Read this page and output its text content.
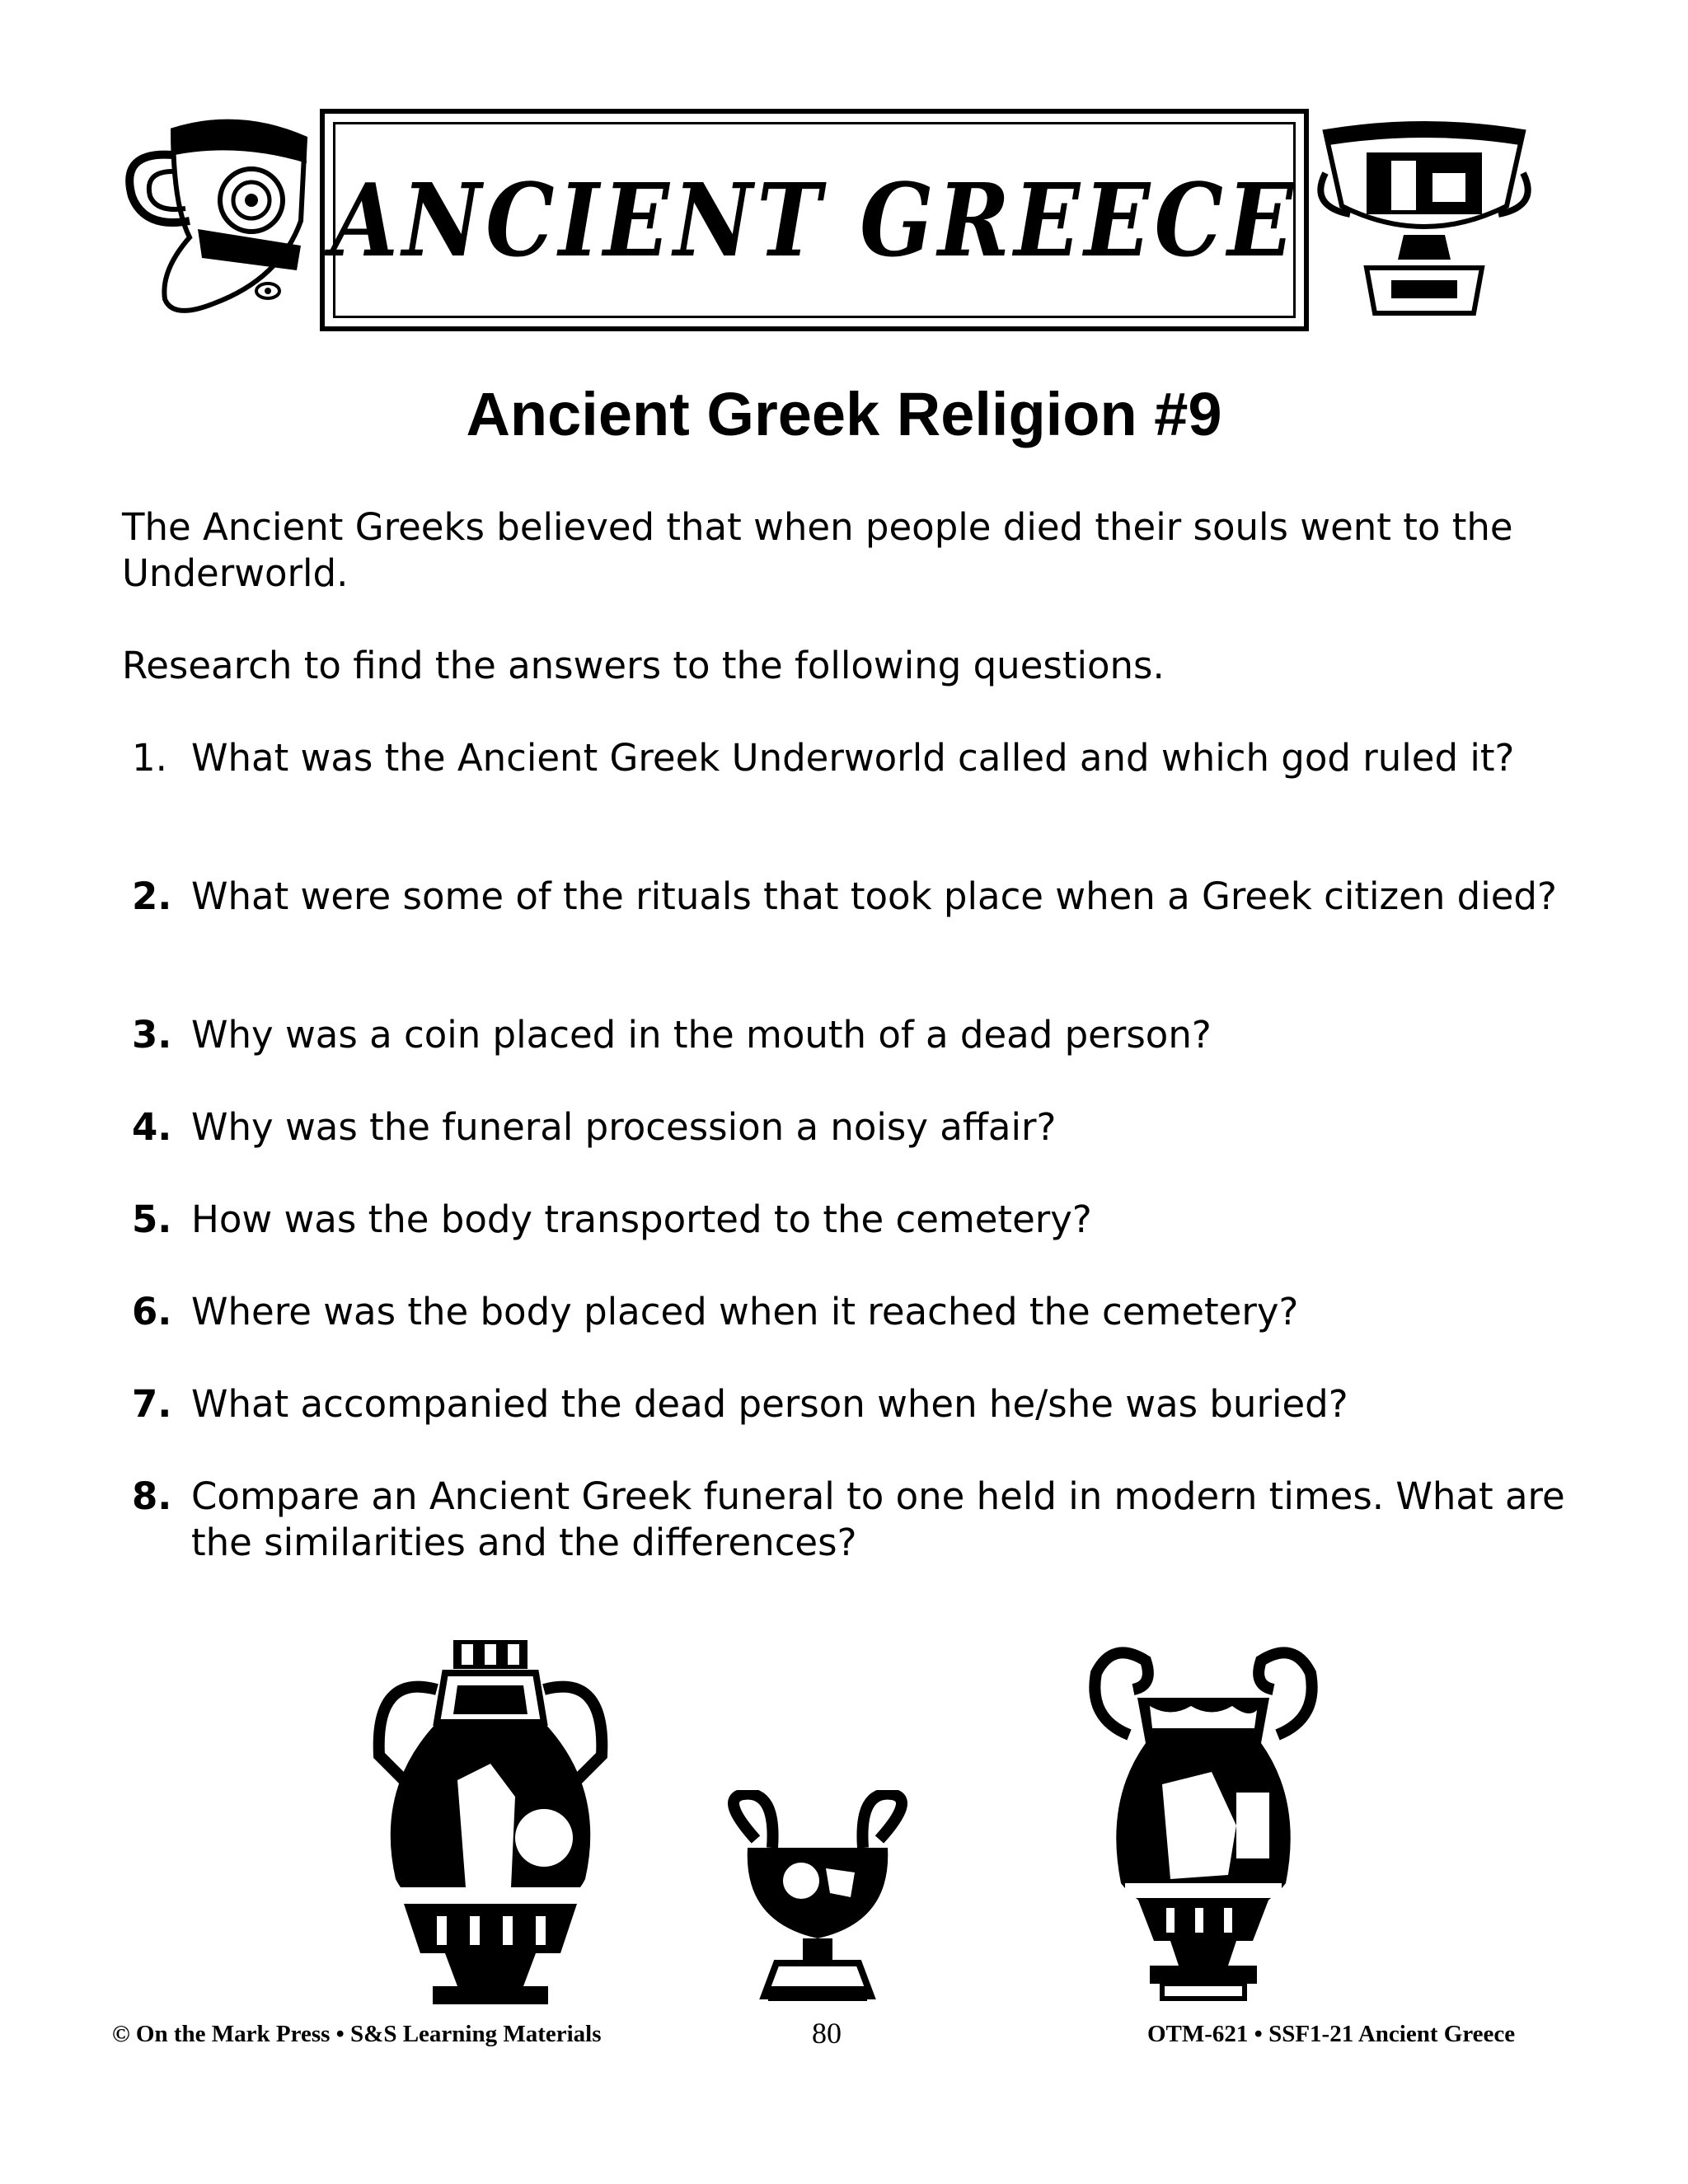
ANCIENT GREECE
Ancient Greek Religion #9
The Ancient Greeks believed that when people died their souls went to the Underworld.
Research to find the answers to the following questions.
1. What was the Ancient Greek Underworld called and which god ruled it?
2. What were some of the rituals that took place when a Greek citizen died?
3. Why was a coin placed in the mouth of a dead person?
4. Why was the funeral procession a noisy affair?
5. How was the body transported to the cemetery?
6. Where was the body placed when it reached the cemetery?
7. What accompanied the dead person when he/she was buried?
8. Compare an Ancient Greek funeral to one held in modern times. What are the similarities and the differences?
© On the Mark Press • S&S Learning Materials	80	OTM-621 • SSF1-21 Ancient Greece
